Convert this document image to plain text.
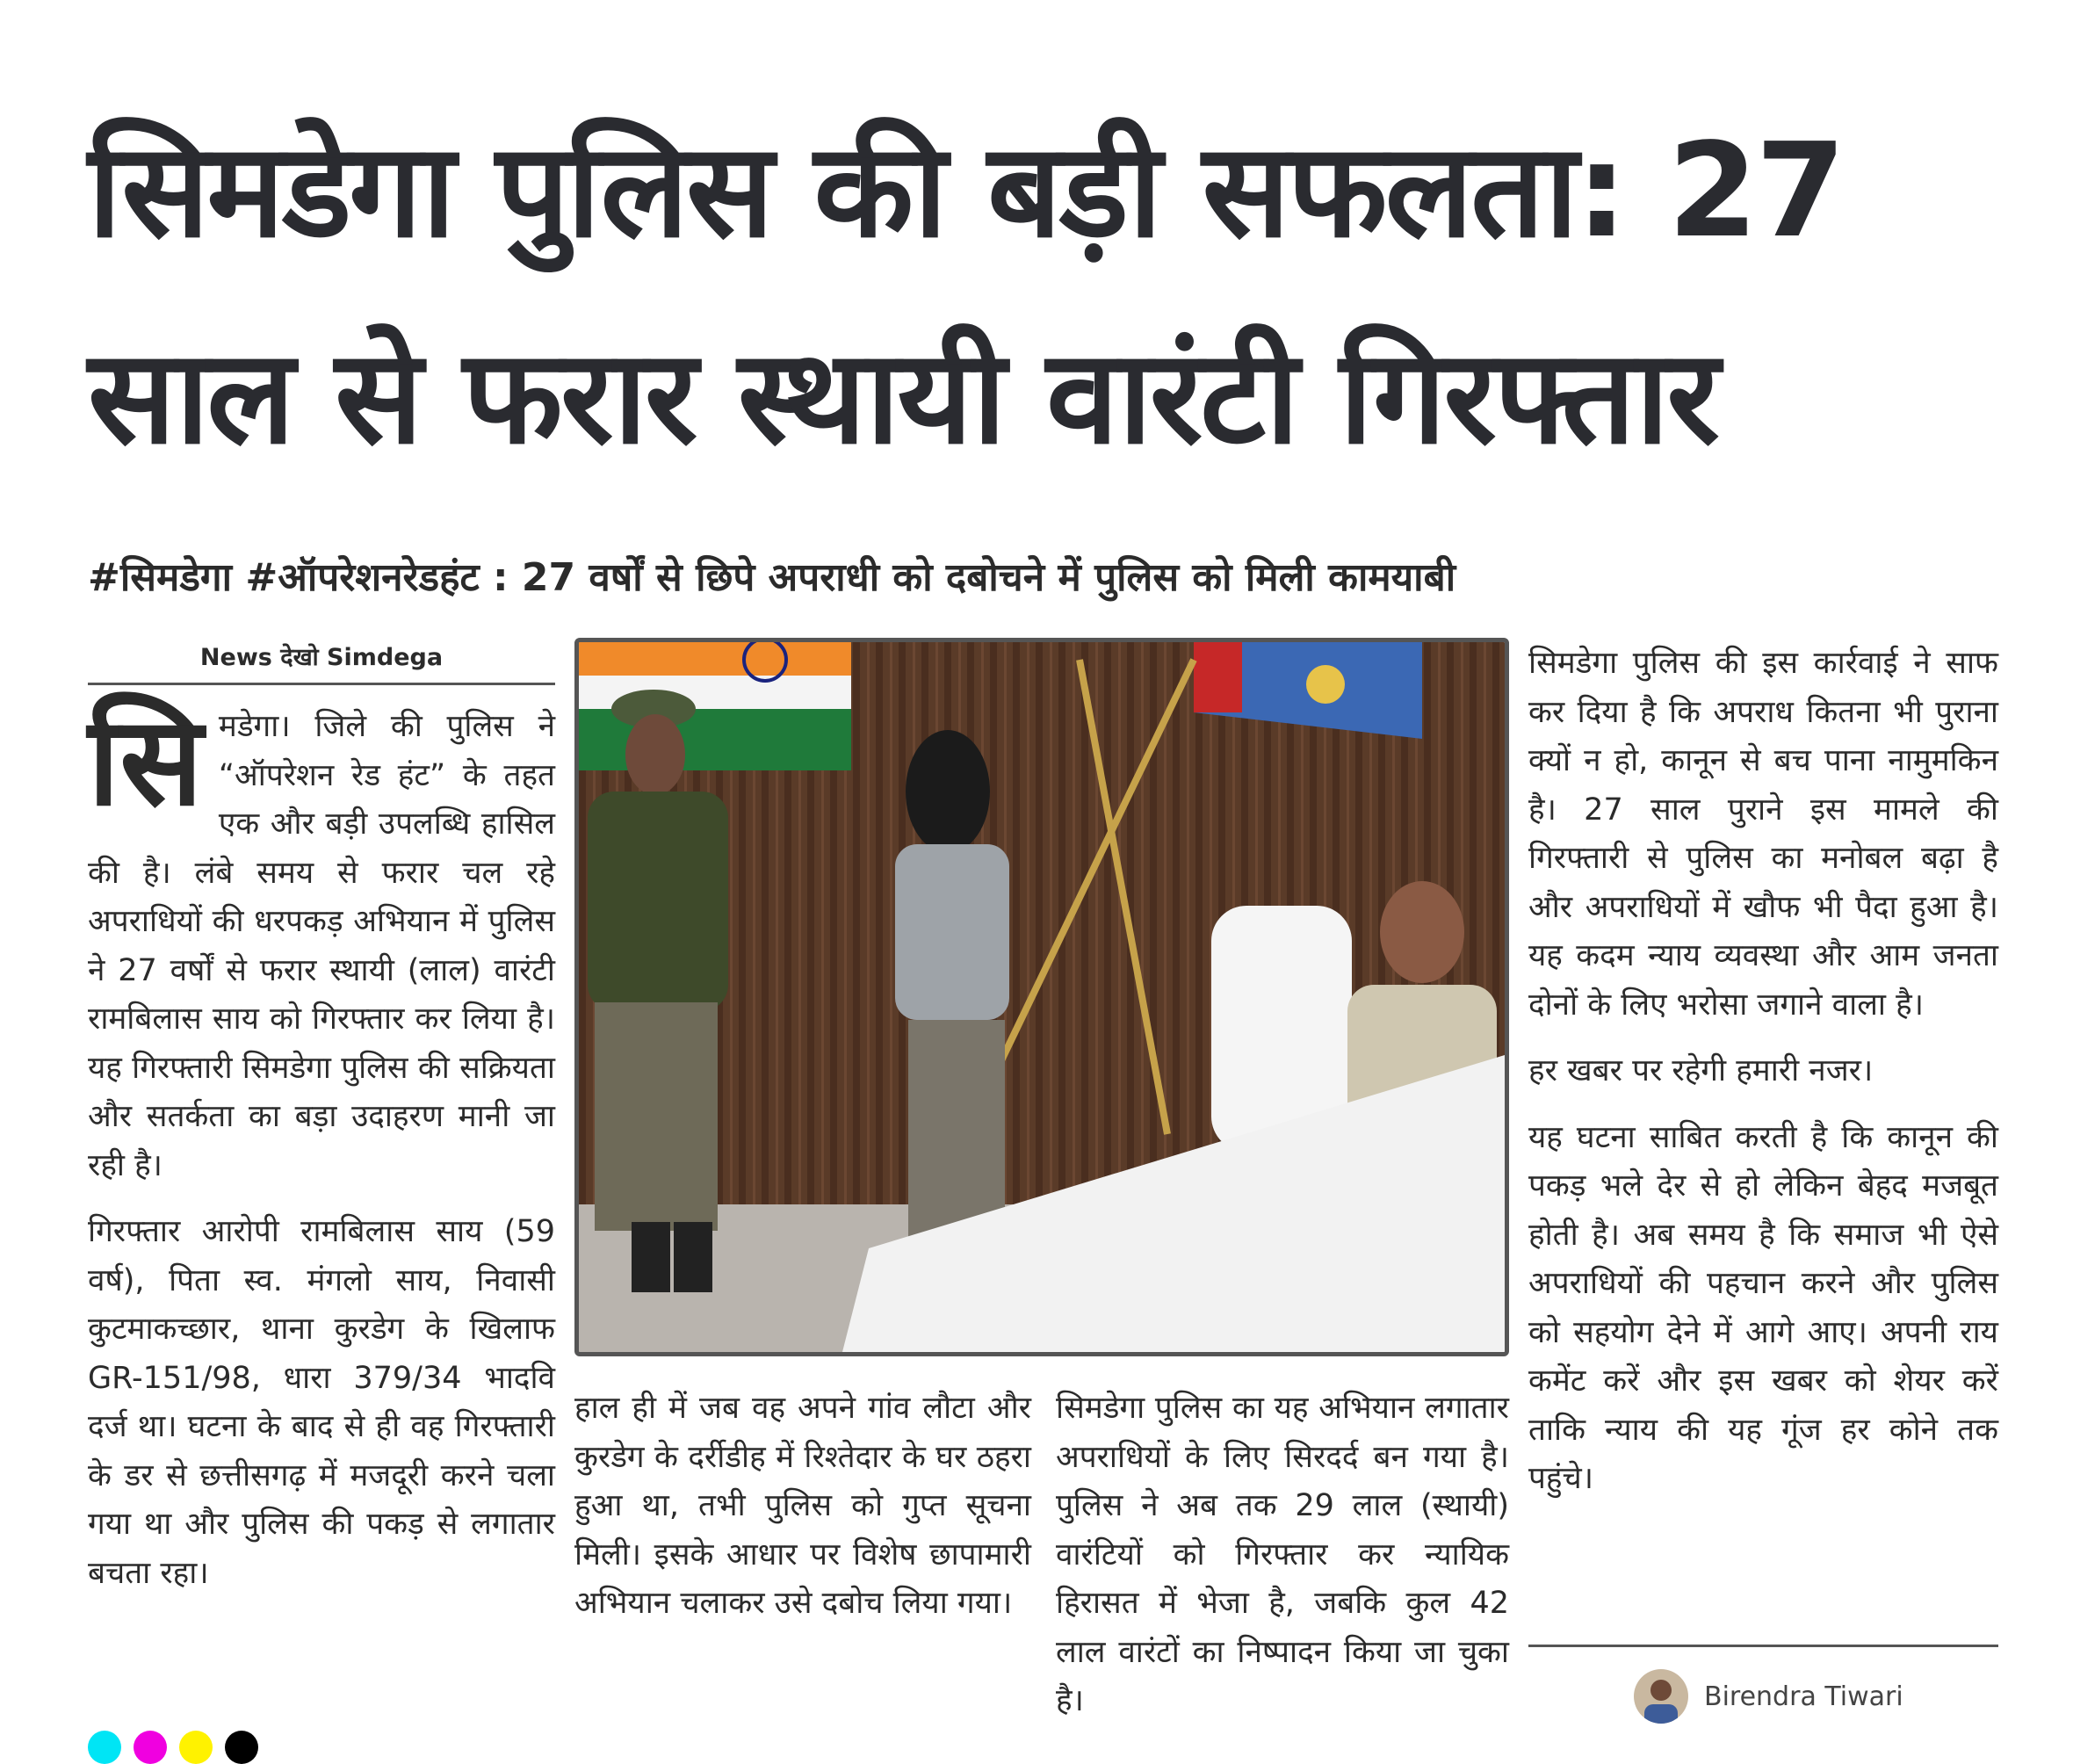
सिमडेगा पुलिस की बड़ी सफलता: 27
साल से फरार स्थायी वारंटी गिरफ्तार
#सिमडेगा #ऑपरेशनरेडहंट : 27 वर्षों से छिपे अपराधी को दबोचने में पुलिस को मिली कामयाबी
News देखो Simdega

सिमडेगा। जिले की पुलिस ने “ऑपरेशन रेड हंट” के तहत एक और बड़ी उपलब्धि हासिल की है। लंबे समय से फरार चल रहे अपराधियों की धरपकड़ अभियान में पुलिस ने 27 वर्षों से फरार स्थायी (लाल) वारंटी रामबिलास साय को गिरफ्तार कर लिया है। यह गिरफ्तारी सिमडेगा पुलिस की सक्रियता और सतर्कता का बड़ा उदाहरण मानी जा रही है।

गिरफ्तार आरोपी रामबिलास साय (59 वर्ष), पिता स्व. मंगलो साय, निवासी कुटमाकच्छार, थाना कुरडेग के खिलाफ GR-151/98, धारा 379/34 भादवि दर्ज था। घटना के बाद से ही वह गिरफ्तारी के डर से छत्तीसगढ़ में मजदूरी करने चला गया था और पुलिस की पकड़ से लगातार बचता रहा।

हाल ही में जब वह अपने गांव लौटा और कुरडेग के दर्रीडीह में रिश्तेदार के घर ठहरा हुआ था, तभी पुलिस को गुप्त सूचना मिली। इसके आधार पर विशेष छापामारी अभियान चलाकर उसे दबोच लिया गया।

सिमडेगा पुलिस का यह अभियान लगातार अपराधियों के लिए सिरदर्द बन गया है। पुलिस ने अब तक 29 लाल (स्थायी) वारंटियों को गिरफ्तार कर न्यायिक हिरासत में भेजा है, जबकि कुल 42 लाल वारंटों का निष्पादन किया जा चुका है।

सिमडेगा पुलिस की इस कार्रवाई ने साफ कर दिया है कि अपराध कितना भी पुराना क्यों न हो, कानून से बच पाना नामुमकिन है। 27 साल पुराने इस मामले की गिरफ्तारी से पुलिस का मनोबल बढ़ा है और अपराधियों में खौफ भी पैदा हुआ है। यह कदम न्याय व्यवस्था और आम जनता दोनों के लिए भरोसा जगाने वाला है।

हर खबर पर रहेगी हमारी नजर।

यह घटना साबित करती है कि कानून की पकड़ भले देर से हो लेकिन बेहद मजबूत होती है। अब समय है कि समाज भी ऐसे अपराधियों की पहचान करने और पुलिस को सहयोग देने में आगे आए। अपनी राय कमेंट करें और इस खबर को शेयर करें ताकि न्याय की यह गूंज हर कोने तक पहुंचे।

Birendra Tiwari
